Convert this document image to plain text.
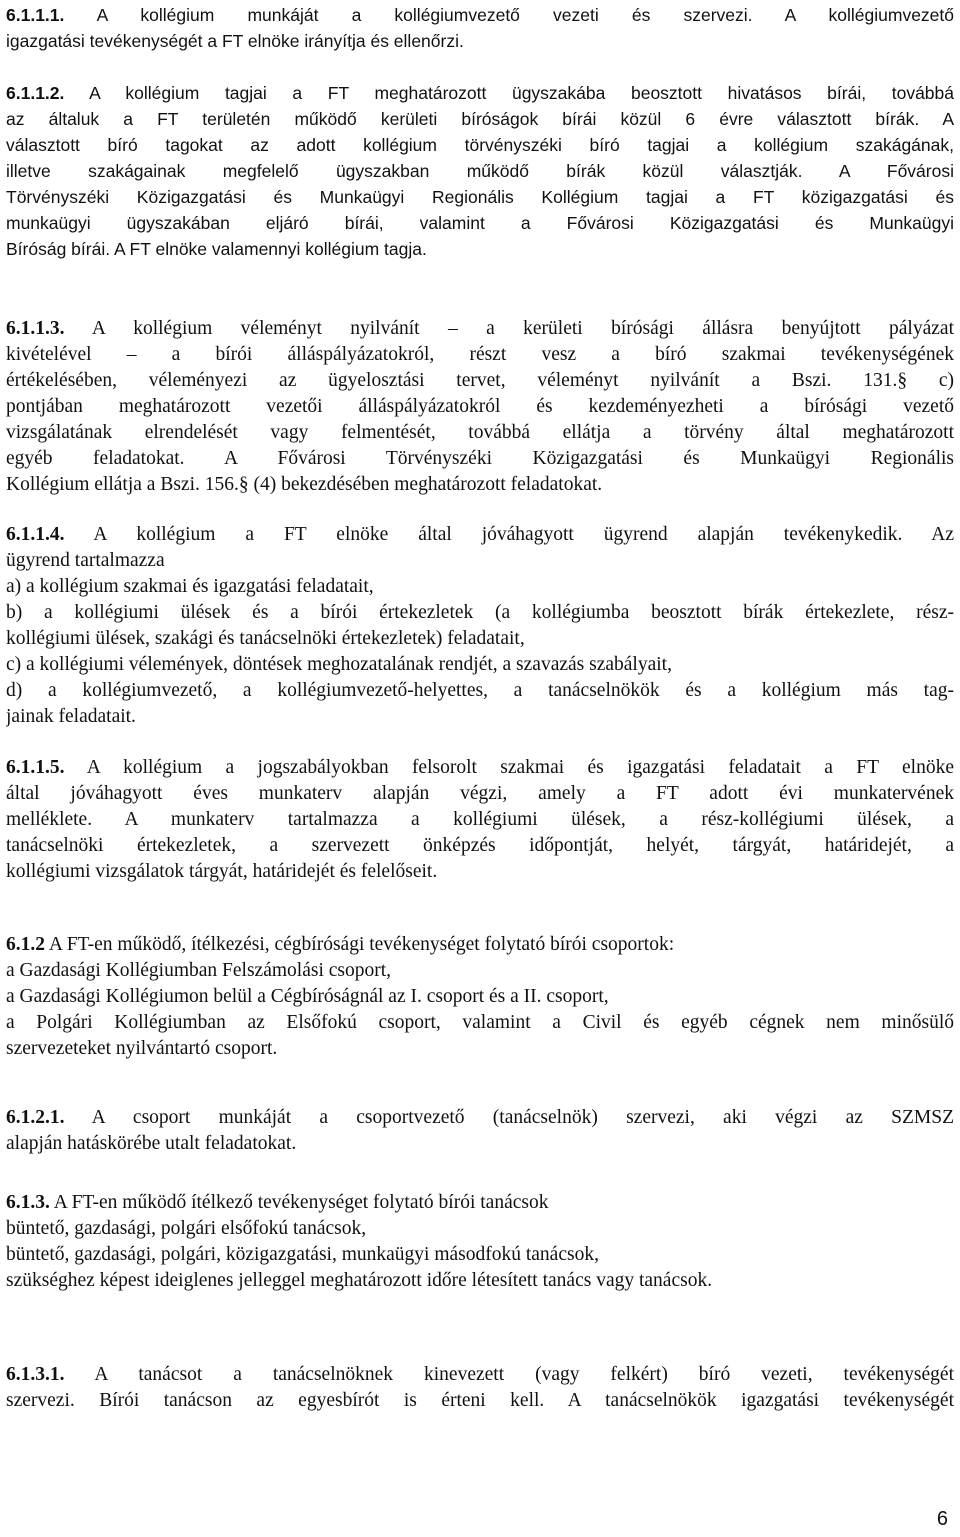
6.1.1.1. A kollégium munkáját a kollégiumvezető vezeti és szervezi. A kollégiumvezető
igazgatási tevékenységét a FT elnöke irányítja és ellenőrzi.
6.1.1.2. A kollégium tagjai a FT meghatározott ügyszakába beosztott hivatásos bírái, továbbá
az általuk a FT területén működő kerületi bíróságok bírái közül 6 évre választott bírák. A
választott bíró tagokat az adott kollégium törvényszéki bíró tagjai a kollégium szakágának,
illetve szakágainak megfelelő ügyszakban működő bírák közül választják. A Fővárosi
Törvényszéki Közigazgatási és Munkaügyi Regionális Kollégium tagjai a FT közigazgatási és
munkaügyi ügyszakában eljáró bírái, valamint a Fővárosi Közigazgatási és Munkaügyi
Bíróság bírái. A FT elnöke valamennyi kollégium tagja.
6.1.1.3. A kollégium véleményt nyilvánít – a kerületi bírósági állásra benyújtott pályázat
kivételével – a bírói álláspályázatokról, részt vesz a bíró szakmai tevékenységének
értékelésében, véleményezi az ügyelosztási tervet, véleményt nyilvánít a Bszi. 131.§ c)
pontjában meghatározott vezetői álláspályázatokról és kezdeményezheti a bírósági vezető
vizsgálatának elrendelését vagy felmentését, továbbá ellátja a törvény által meghatározott
egyéb feladatokat. A Fővárosi Törvényszéki Közigazgatási és Munkaügyi Regionális
Kollégium ellátja a Bszi. 156.§ (4) bekezdésében meghatározott feladatokat.
6.1.1.4. A kollégium a FT elnöke által jóváhagyott ügyrend alapján tevékenykedik. Az
ügyrend tartalmazza
a) a kollégium szakmai és igazgatási feladatait,
b) a kollégiumi ülések és a bírói értekezletek (a kollégiumba beosztott bírák értekezlete, rész-
kollégiumi ülések, szakági és tanácselnöki értekezletek) feladatait,
c) a kollégiumi vélemények, döntések meghozatalának rendjét, a szavazás szabályait,
d) a kollégiumvezető, a kollégiumvezető-helyettes, a tanácselnökök és a kollégium más tag-
jainak feladatait.
6.1.1.5. A kollégium a jogszabályokban felsorolt szakmai és igazgatási feladatait a FT elnöke
által jóváhagyott éves munkaterv alapján végzi, amely a FT adott évi munkatervének
melléklete. A munkaterv tartalmazza a kollégiumi ülések, a rész-kollégiumi ülések, a
tanácselnöki értekezletek, a szervezett önképzés időpontját, helyét, tárgyát, határidejét, a
kollégiumi vizsgálatok tárgyát, határidejét és felelőseit.
6.1.2 A FT-en működő, ítélkezési, cégbírósági tevékenységet folytató bírói csoportok:
a Gazdasági Kollégiumban Felszámolási csoport,
a Gazdasági Kollégiumon belül a Cégbíróságnál az I. csoport és a II. csoport,
a Polgári Kollégiumban az Elsőfokú csoport, valamint a Civil és egyéb cégnek nem minősülő
szervezeteket nyilvántartó csoport.
6.1.2.1. A csoport munkáját a csoportvezető (tanácselnök) szervezi, aki végzi az SZMSZ
alapján hatáskörébe utalt feladatokat.
6.1.3. A FT-en működő ítélkező tevékenységet folytató bírói tanácsok
büntető, gazdasági, polgári elsőfokú tanácsok,
büntető, gazdasági, polgári, közigazgatási, munkaügyi másodfokú tanácsok,
szükséghez képest ideiglenes jelleggel meghatározott időre létesített tanács vagy tanácsok.
6.1.3.1. A tanácsot a tanácselnöknek kinevezett (vagy felkért) bíró vezeti, tevékenységét
szervezi. Bírói tanácson az egyesbírót is érteni kell. A tanácselnökök igazgatási tevékenységét
6
